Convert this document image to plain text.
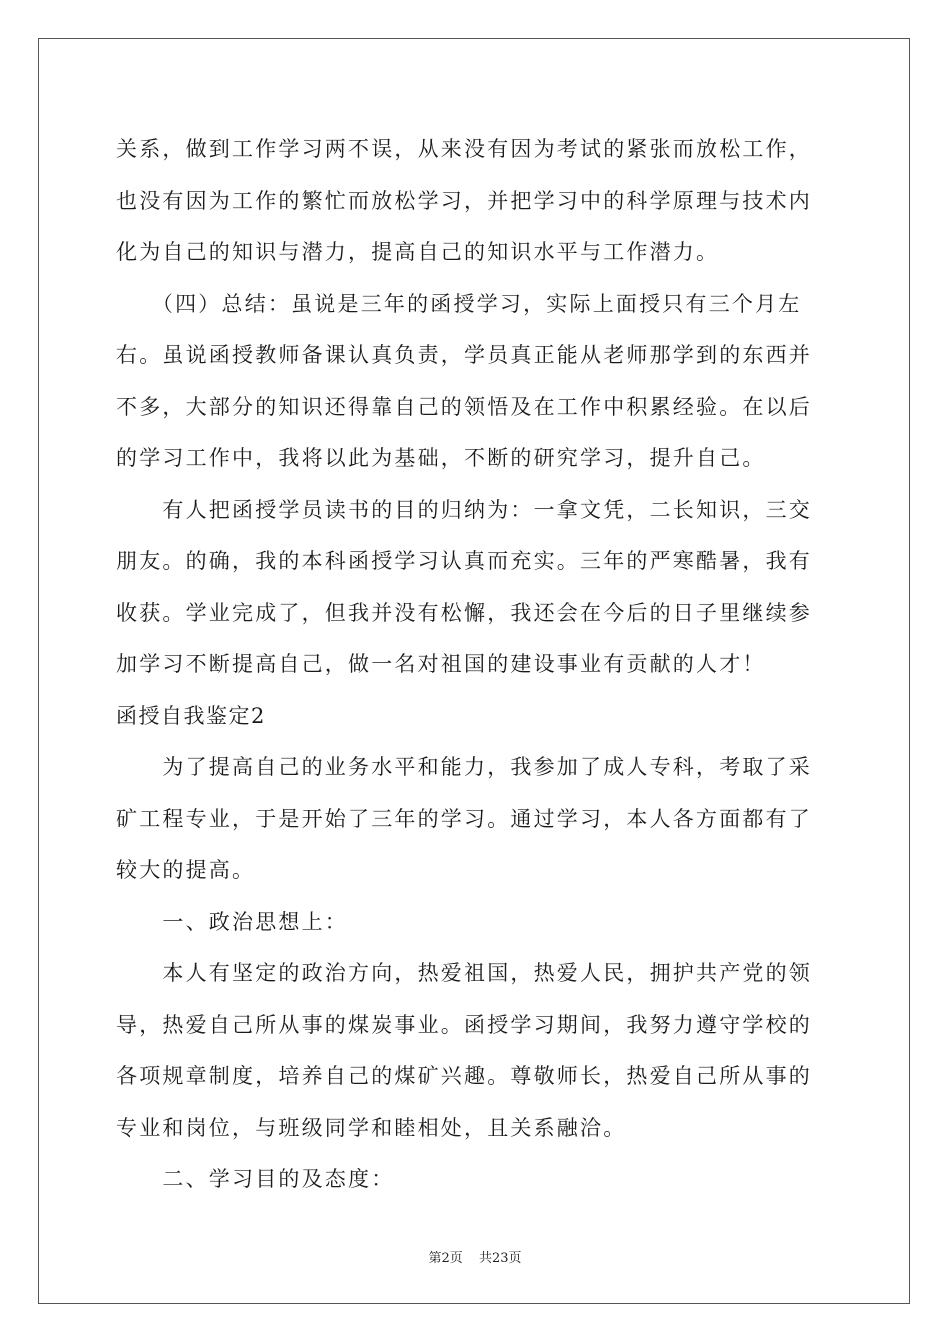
关系，做到工作学习两不误，从来没有因为考试的紧张而放松工作，
也没有因为工作的繁忙而放松学习，并把学习中的科学原理与技术内
化为自己的知识与潜力，提高自己的知识水平与工作潜力。
　　（四）总结：虽说是三年的函授学习，实际上面授只有三个月左
右。虽说函授教师备课认真负责，学员真正能从老师那学到的东西并
不多，大部分的知识还得靠自己的领悟及在工作中积累经验。在以后
的学习工作中，我将以此为基础，不断的研究学习，提升自己。
　　有人把函授学员读书的目的归纳为：一拿文凭，二长知识，三交
朋友。的确，我的本科函授学习认真而充实。三年的严寒酷暑，我有
收获。学业完成了，但我并没有松懈，我还会在今后的日子里继续参
加学习不断提高自己，做一名对祖国的建设事业有贡献的人才！
函授自我鉴定2
　　为了提高自己的业务水平和能力，我参加了成人专科，考取了采
矿工程专业，于是开始了三年的学习。通过学习，本人各方面都有了
较大的提高。
　　一、政治思想上：
　　本人有坚定的政治方向，热爱祖国，热爱人民，拥护共产党的领
导，热爱自己所从事的煤炭事业。函授学习期间，我努力遵守学校的
各项规章制度，培养自己的煤矿兴趣。尊敬师长，热爱自己所从事的
专业和岗位，与班级同学和睦相处，且关系融洽。
　　二、学习目的及态度：
第2页 共23页
